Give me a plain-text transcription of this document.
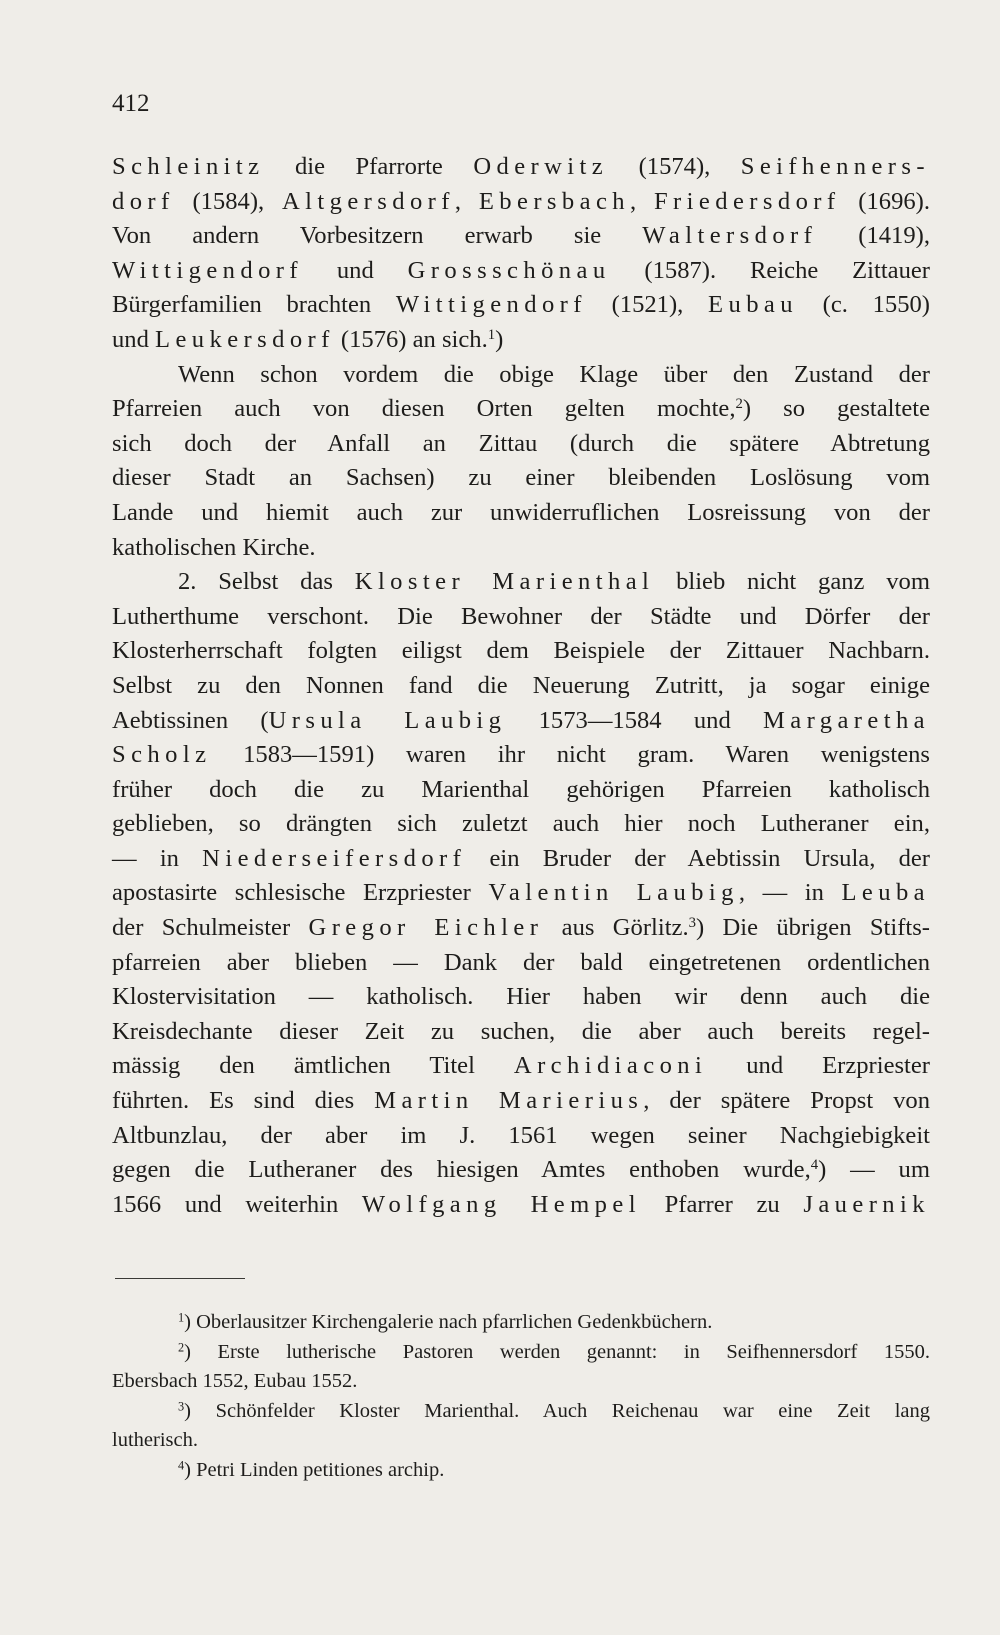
412
Schleinitz die Pfarrorte Oderwitz (1574), Seifhenners-
dorf (1584), Altgersdorf, Ebersbach, Friedersdorf (1696).
Von andern Vorbesitzern erwarb sie Waltersdorf (1419),
Wittigendorf und Grossschönau (1587). Reiche Zittauer
Bürgerfamilien brachten Wittigendorf (1521), Eubau (c. 1550)
und Leukersdorf (1576) an sich.$^1$)
Wenn schon vordem die obige Klage über den Zustand der
Pfarreien auch von diesen Orten gelten mochte,$^2$) so gestaltete
sich doch der Anfall an Zittau (durch die spätere Abtretung
dieser Stadt an Sachsen) zu einer bleibenden Loslösung vom
Lande und hiemit auch zur unwiderruflichen Losreissung von der
katholischen Kirche.
2. Selbst das Kloster Marienthal blieb nicht ganz vom
Lutherthume verschont. Die Bewohner der Städte und Dörfer der
Klosterherrschaft folgten eiligst dem Beispiele der Zittauer Nachbarn.
Selbst zu den Nonnen fand die Neuerung Zutritt, ja sogar einige
Aebtissinen (Ursula Laubig 1573—1584 und Margaretha
Scholz 1583—1591) waren ihr nicht gram. Waren wenigstens
früher doch die zu Marienthal gehörigen Pfarreien katholisch
geblieben, so drängten sich zuletzt auch hier noch Lutheraner ein,
— in Niederseifersdorf ein Bruder der Aebtissin Ursula, der
apostasirte schlesische Erzpriester Valentin Laubig, — in Leuba
der Schulmeister Gregor Eichler aus Görlitz.$^3$) Die übrigen Stifts-
pfarreien aber blieben — Dank der bald eingetretenen ordentlichen
Klostervisitation — katholisch. Hier haben wir denn auch die
Kreisdechante dieser Zeit zu suchen, die aber auch bereits regel-
mässig den ämtlichen Titel Archidiaconi und Erzpriester
führten. Es sind dies Martin Marierius, der spätere Propst von
Altbunzlau, der aber im J. 1561 wegen seiner Nachgiebigkeit
gegen die Lutheraner des hiesigen Amtes enthoben wurde,$^4$) — um
1566 und weiterhin Wolfgang Hempel Pfarrer zu Jauernik
$^1$) Oberlausitzer Kirchengalerie nach pfarrlichen Gedenkbüchern.
$^2$) Erste lutherische Pastoren werden genannt: in Seifhennersdorf 1550.
Ebersbach 1552, Eubau 1552.
$^3$) Schönfelder Kloster Marienthal. Auch Reichenau war eine Zeit lang
lutherisch.
$^4$) Petri Linden petitiones archip.
